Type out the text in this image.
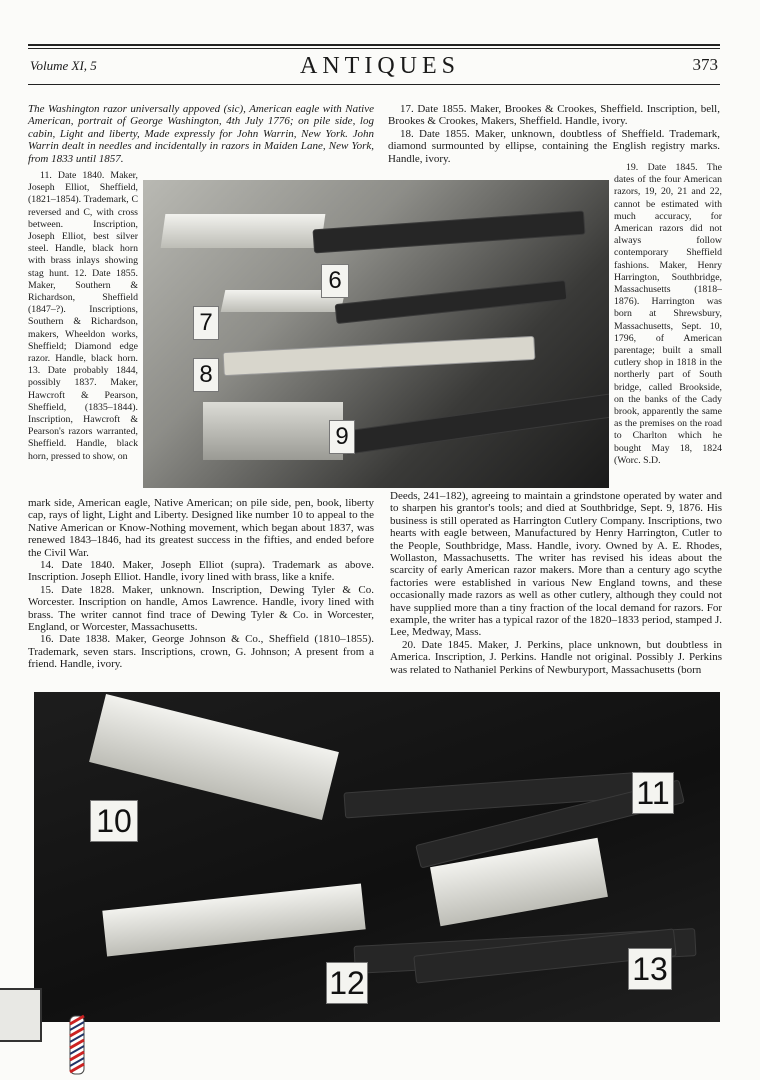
Volume XI, 5	ANTIQUES	373

The Washington razor universally appoved (sic), American eagle with Native American, portrait of George Washington, 4th July 1776; on pile side, log cabin, Light and liberty, Made expressly for John Warrin, New York. John Warrin dealt in needles and incidentally in razors in Maiden Lane, New York, from 1833 until 1857.

11. Date 1840. Maker, Joseph Elliot, Sheffield, (1821–1854). Trademark, C reversed and C, with cross between. Inscription, Joseph Elliot, best silver steel. Handle, black horn with brass inlays showing stag hunt. 12. Date 1855. Maker, Southern & Richardson, Sheffield (1847–?). Inscriptions, Southern & Richardson, makers, Wheeldon works, Sheffield; Diamond edge razor. Handle, black horn. 13. Date probably 1844, possibly 1837. Maker, Hawcroft & Pearson, Sheffield, (1835–1844). Inscription, Hawcroft & Pearson's razors warranted, Sheffield. Handle, black horn, pressed to show, on

mark side, American eagle, Native American; on pile side, pen, book, liberty cap, rays of light, Light and Liberty. Designed like number 10 to appeal to the Native American or Know-Nothing movement, which began about 1837, was renewed 1843–1846, had its greatest success in the fifties, and ended before the Civil War.

14. Date 1840. Maker, Joseph Elliot (supra). Trademark as above. Inscription. Joseph Elliot. Handle, ivory lined with brass, like a knife.

15. Date 1828. Maker, unknown. Inscription, Dewing Tyler & Co. Worcester. Inscription on handle, Amos Lawrence. Handle, ivory lined with brass. The writer cannot find trace of Dewing Tyler & Co. in Worcester, England, or Worcester, Massachusetts.

16. Date 1838. Maker, George Johnson & Co., Sheffield (1810–1855). Trademark, seven stars. Inscriptions, crown, G. Johnson; A present from a friend. Handle, ivory.

17. Date 1855. Maker, Brookes & Crookes, Sheffield. Inscription, bell, Brookes & Crookes, Makers, Sheffield. Handle, ivory.

18. Date 1855. Maker, unknown, doubtless of Sheffield. Trademark, diamond surmounted by ellipse, containing the English registry marks. Handle, ivory.

19. Date 1845. The dates of the four American razors, 19, 20, 21 and 22, cannot be estimated with much accuracy, for American razors did not always follow contemporary Sheffield fashions. Maker, Henry Harrington, Southbridge, Massachusetts (1818–1876). Harrington was born at Shrewsbury, Massachusetts, Sept. 10, 1796, of American parentage; built a small cutlery shop in 1818 in the northerly part of South bridge, called Brookside, on the banks of the Cady brook, apparently the same as the premises on the road to Charlton which he bought May 18, 1824 (Worc. S.D.

Deeds, 241–182), agreeing to maintain a grindstone operated by water and to sharpen his grantor's tools; and died at Southbridge, Sept. 9, 1876. His business is still operated as Harrington Cutlery Company. Inscriptions, two hearts with eagle between, Manufactured by Henry Harrington, Cutler to the People, Southbridge, Mass. Handle, ivory. Owned by A. E. Rhodes, Wollaston, Massachusetts. The writer has revised his ideas about the scarcity of early American razor makers. More than a century ago scythe factories were established in various New England towns, and these occasionally made razors as well as other cutlery, although they could not have supplied more than a tiny fraction of the local demand for razors. For example, the writer has a typical razor of the 1820–1833 period, stamped J. Lee, Medway, Mass.

20. Date 1845. Maker, J. Perkins, place unknown, but doubtless in America. Inscription, J. Perkins. Handle not original. Possibly J. Perkins was related to Nathaniel Perkins of Newburyport, Massachusetts (born

6
7
8
9
10
11
12	13
